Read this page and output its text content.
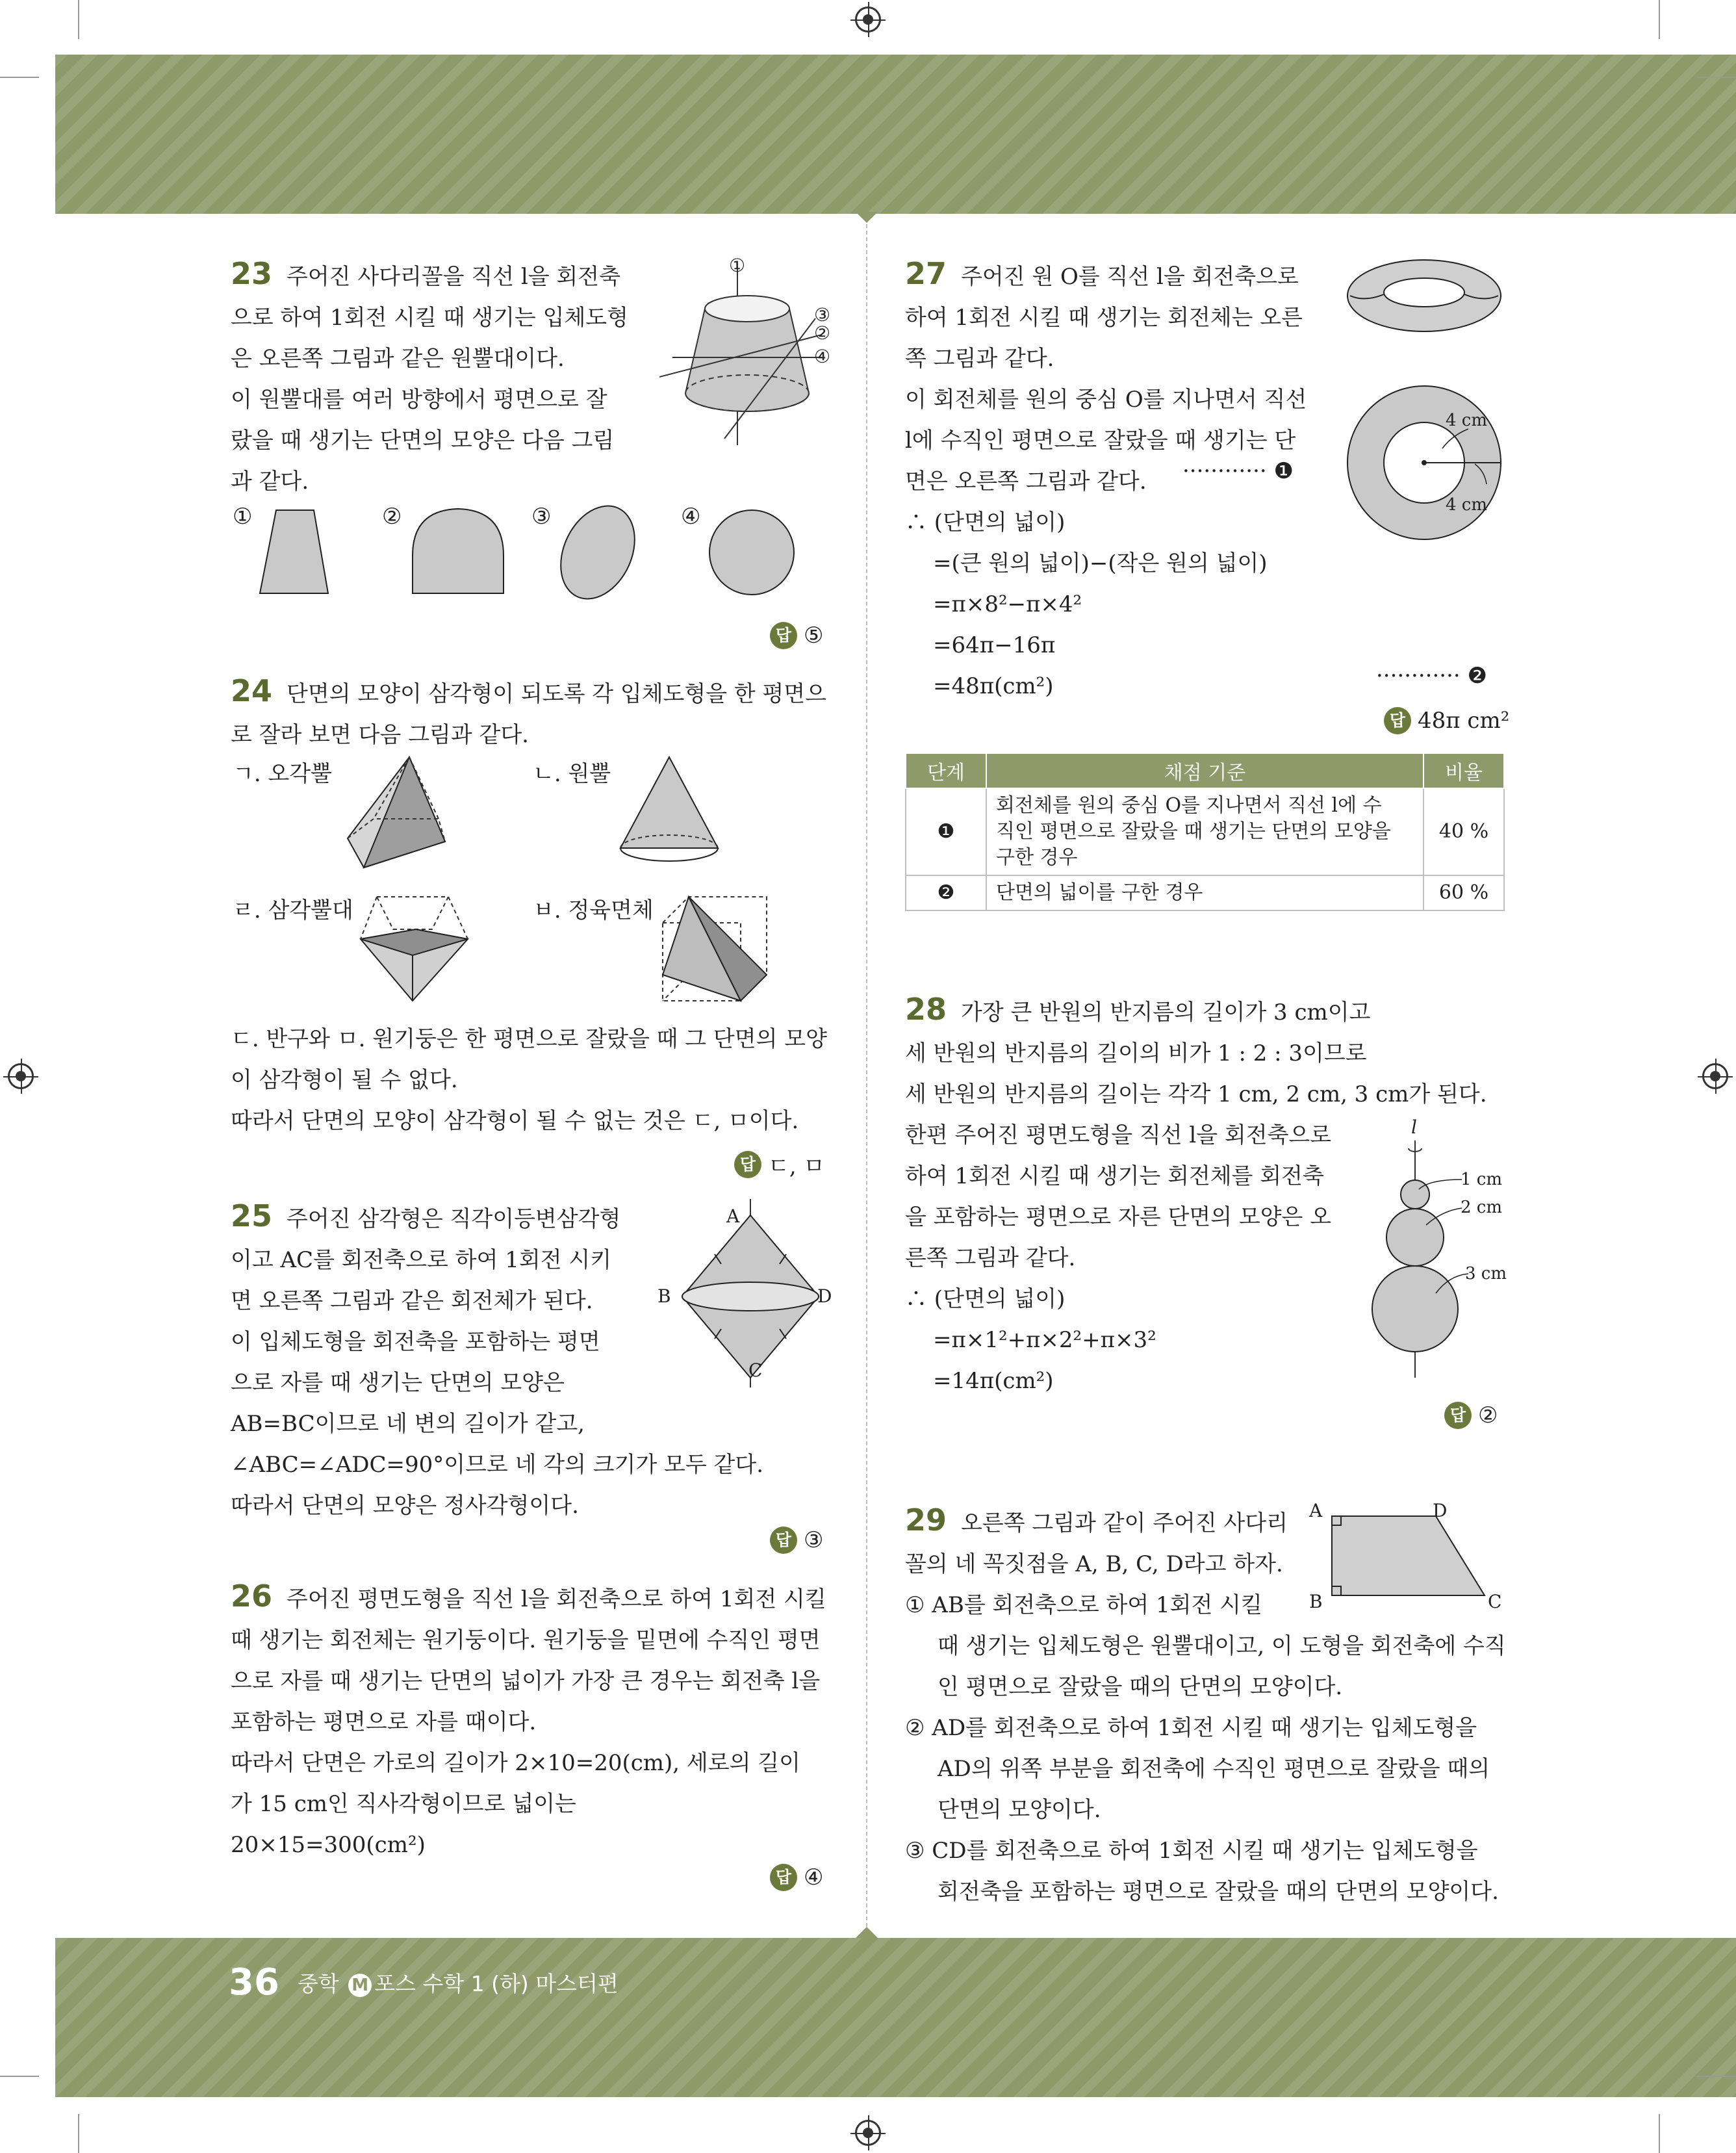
23 주어진 사다리꼴을 직선 l을 회전축

으로 하여 1회전 시킬 때 생기는 입체도형

은 오른쪽 그림과 같은 원뿔대이다.

이 원뿔대를 여러 방향에서 평면으로 잘

랐을 때 생기는 단면의 모양은 다음 그림

과 같다.

①
③
②
④
①	②	③	④
답 ⑤

24 단면의 모양이 삼각형이 되도록 각 입체도형을 한 평면으

로 잘라 보면 다음 그림과 같다.

ㄱ. 오각뿔	ㄴ. 원뿔
ㄹ. 삼각뿔대	ㅂ. 정육면체

ㄷ. 반구와 ㅁ. 원기둥은 한 평면으로 잘랐을 때 그 단면의 모양

이 삼각형이 될 수 없다.

따라서 단면의 모양이 삼각형이 될 수 없는 것은 ㄷ, ㅁ이다.

답 ㄷ, ㅁ

25 주어진 삼각형은 직각이등변삼각형

이고 AC를 회전축으로 하여 1회전 시키

면 오른쪽 그림과 같은 회전체가 된다.

이 입체도형을 회전축을 포함하는 평면

으로 자를 때 생기는 단면의 모양은

AB=BC이므로 네 변의 길이가 같고,

∠ABC=∠ADC=90°이므로 네 각의 크기가 모두 같다.

따라서 단면의 모양은 정사각형이다.

A
B	D
C
답 ③

26 주어진 평면도형을 직선 l을 회전축으로 하여 1회전 시킬

때 생기는 회전체는 원기둥이다. 원기둥을 밑면에 수직인 평면

으로 자를 때 생기는 단면의 넓이가 가장 큰 경우는 회전축 l을

포함하는 평면으로 자를 때이다.

따라서 단면은 가로의 길이가 2×10=20(cm), 세로의 길이

가 15 cm인 직사각형이므로 넓이는

20×15=300(cm²)

답 ④

27 주어진 원 O를 직선 l을 회전축으로

하여 1회전 시킬 때 생기는 회전체는 오른

쪽 그림과 같다.

이 회전체를 원의 중심 O를 지나면서 직선

l에 수직인 평면으로 잘랐을 때 생기는 단

면은 오른쪽 그림과 같다.

∴ (단면의 넓이)

=(큰 원의 넓이)−(작은 원의 넓이)

=π×8²−π×4²

=64π−16π

=48π(cm²)

············ ❶
············ ❷
4 cm
4 cm
답 48π cm²
단계	채점 기준	비율
❶	회전체를 원의 중심 O를 지나면서 직선 l에 수
직인 평면으로 잘랐을 때 생기는 단면의 모양을
구한 경우	40 %
❷	단면의 넓이를 구한 경우	60 %

28 가장 큰 반원의 반지름의 길이가 3 cm이고

세 반원의 반지름의 길이의 비가 1 : 2 : 3이므로

세 반원의 반지름의 길이는 각각 1 cm, 2 cm, 3 cm가 된다.

한편 주어진 평면도형을 직선 l을 회전축으로

하여 1회전 시킬 때 생기는 회전체를 회전축

을 포함하는 평면으로 자른 단면의 모양은 오

른쪽 그림과 같다.

∴ (단면의 넓이)

=π×1²+π×2²+π×3²

=14π(cm²)

l
1 cm
2 cm
3 cm
답 ②

29 오른쪽 그림과 같이 주어진 사다리

꼴의 네 꼭짓점을 A, B, C, D라고 하자.

① AB를 회전축으로 하여 1회전 시킬

때 생기는 입체도형은 원뿔대이고, 이 도형을 회전축에 수직

인 평면으로 잘랐을 때의 단면의 모양이다.

② AD를 회전축으로 하여 1회전 시킬 때 생기는 입체도형을

AD의 위쪽 부분을 회전축에 수직인 평면으로 잘랐을 때의

단면의 모양이다.

③ CD를 회전축으로 하여 1회전 시킬 때 생기는 입체도형을

회전축을 포함하는 평면으로 잘랐을 때의 단면의 모양이다.

A	D
B	C
36 중학 M 포스 수학 1 (하) 마스터편
